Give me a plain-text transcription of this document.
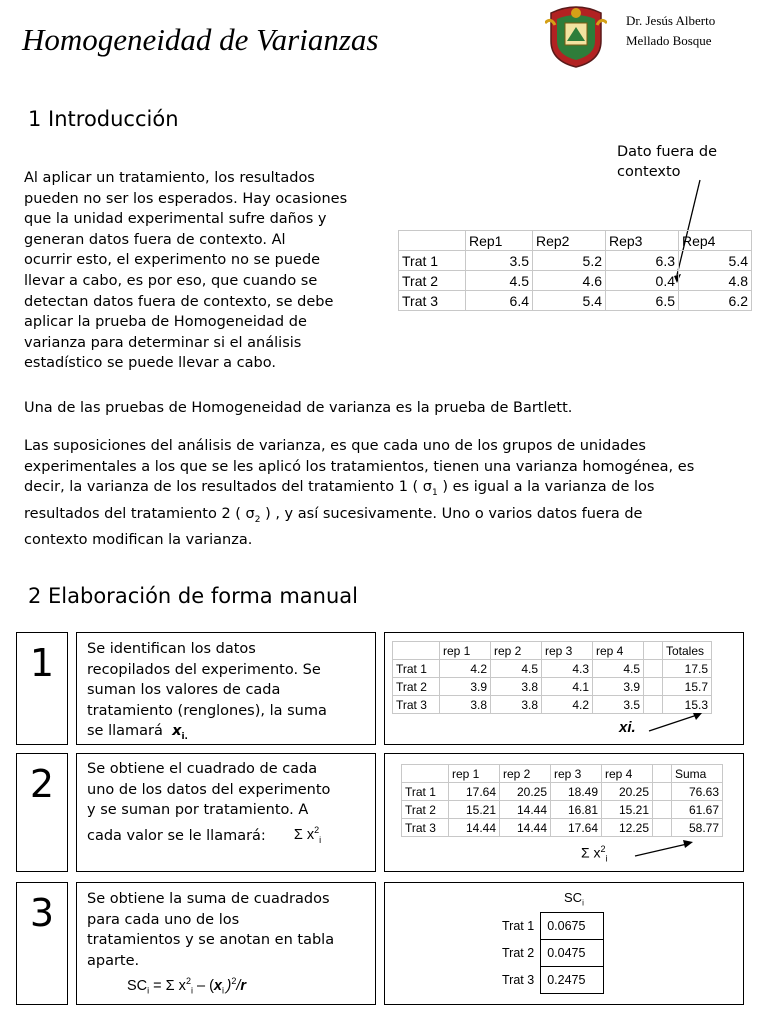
Homogeneidad de Varianzas
Dr. Jesús Alberto
Mellado Bosque
1 Introducción
Al aplicar un tratamiento, los resultados
pueden no ser los esperados. Hay ocasiones
que la unidad experimental sufre daños y
generan datos fuera de contexto. Al
ocurrir esto, el experimento no se puede
llevar a cabo, es por eso, que cuando se
detectan datos fuera de contexto, se debe
aplicar la prueba de Homogeneidad de
varianza para determinar si el análisis
estadístico se puede llevar a cabo.
Dato fuera de
contexto
	Rep1	Rep2	Rep3	Rep4
Trat 1	3.5	5.2	6.3	5.4
Trat 2	4.5	4.6	0.4	4.8
Trat 3	6.4	5.4	6.5	6.2
Una de las pruebas de Homogeneidad de varianza es la prueba de Bartlett.
Las suposiciones del análisis de varianza, es que cada uno de los grupos de unidades
experimentales a los que se les aplicó los tratamientos, tienen una varianza homogénea, es
decir, la varianza de los resultados del tratamiento 1 ( $\sigma_1$ ) es igual a la varianza de los
resultados del tratamiento 2 ( $\sigma_2$ ) , y así sucesivamente. Uno o varios datos fuera de
contexto modifican la varianza.
2 Elaboración de forma manual
1	Se identifican los datos
recopilados del experimento. Se
suman los valores de cada
tratamiento (renglones), la suma
se llamará $x_{i.}$
	rep 1	rep 2	rep 3	rep 4		Totales
Trat 1	4.2	4.5	4.3	4.5		17.5
Trat 2	3.9	3.8	4.1	3.9		15.7
Trat 3	3.8	3.8	4.2	3.5		15.3
xi.
2	Se obtiene el cuadrado de cada
uno de los datos del experimento
y se suman por tratamiento. A
cada valor se le llamará: Σ $x^2_i$
	rep 1	rep 2	rep 3	rep 4		Suma
Trat 1	17.64	20.25	18.49	20.25		76.63
Trat 2	15.21	14.44	16.81	15.21		61.67
Trat 3	14.44	14.44	17.64	12.25		58.77
Σ $x^2_i$
3	Se obtiene la suma de cuadrados
para cada uno de los
tratamientos y se anotan en tabla
aparte.
$SC_i = \Sigma$ $x^2_i - (x_{i.})^2/r$
$SC_i$
Trat 1	0.0675
Trat 2	0.0475
Trat 3	0.2475
